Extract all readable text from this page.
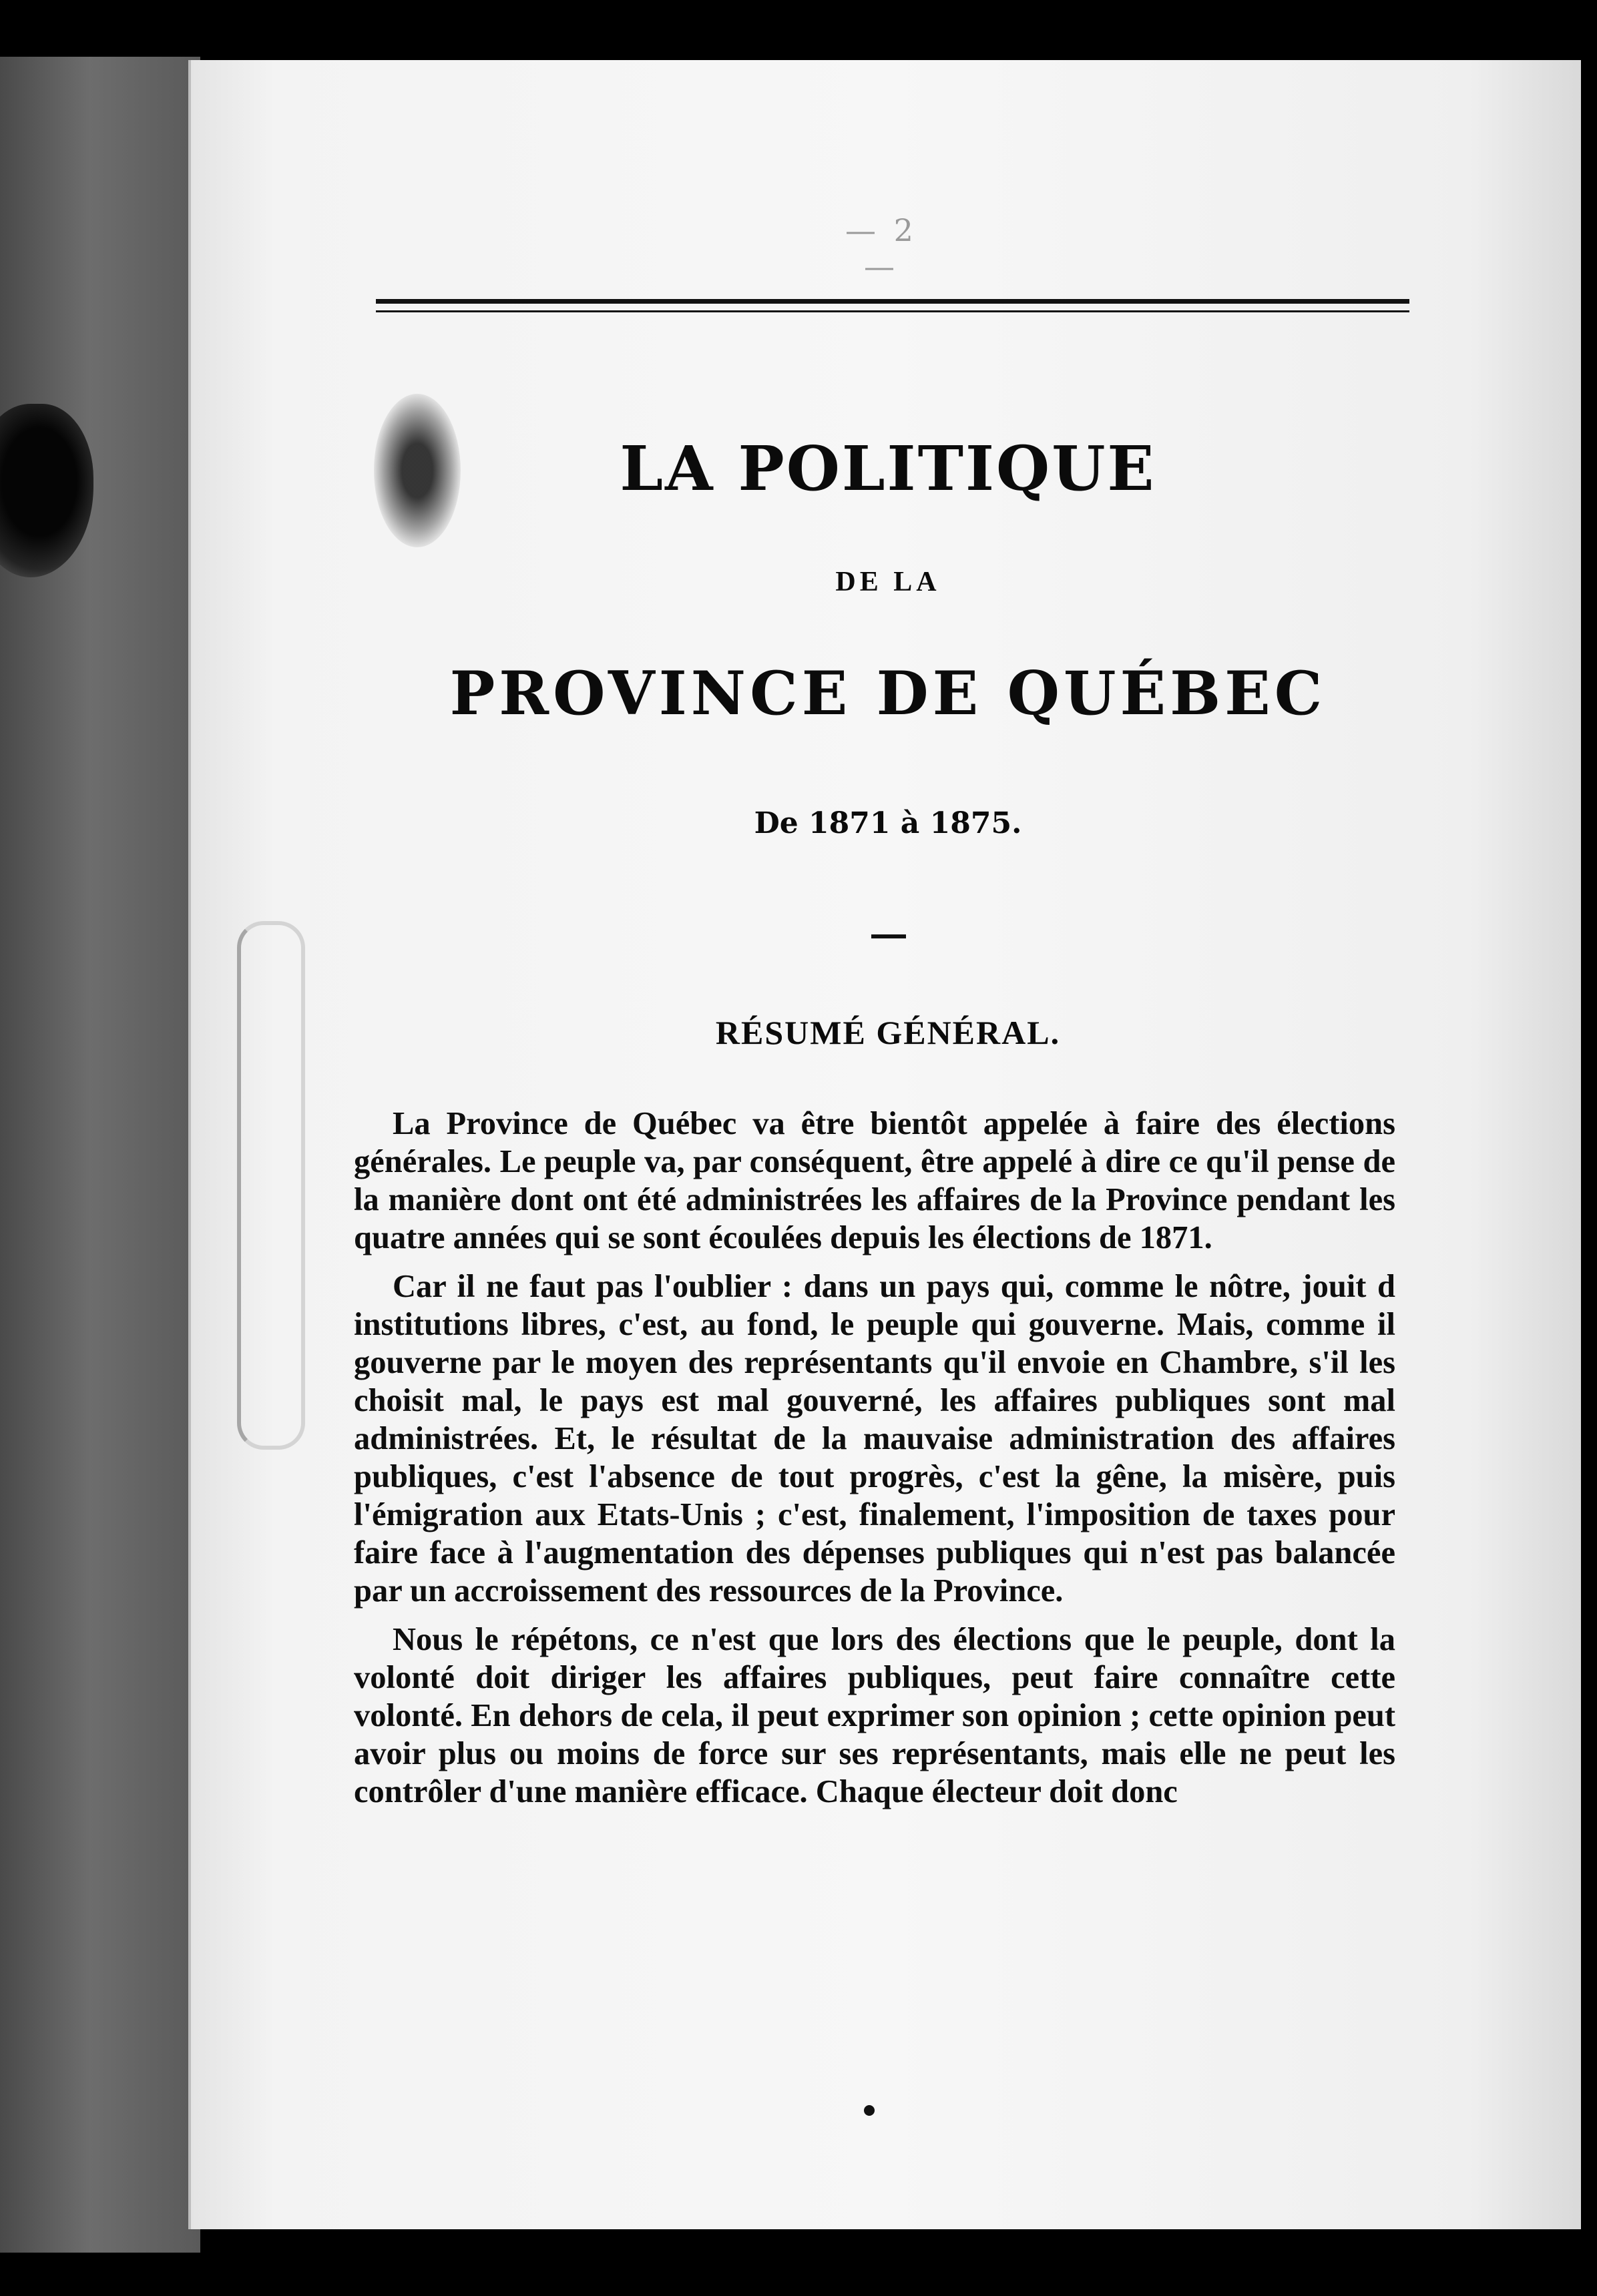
— 2 —
LA POLITIQUE
DE LA
PROVINCE DE QUÉBEC
De 1871 à 1875.
RÉSUMÉ GÉNÉRAL.

La Province de Québec va être bientôt appelée à faire des élections générales. Le peuple va, par conséquent, être appelé à dire ce qu'il pense de la manière dont ont été administrées les affaires de la Province pendant les quatre années qui se sont écoulées depuis les élections de 1871.

Car il ne faut pas l'oublier : dans un pays qui, comme le nôtre, jouit d institutions libres, c'est, au fond, le peuple qui gouverne. Mais, comme il gouverne par le moyen des représentants qu'il envoie en Chambre, s'il les choisit mal, le pays est mal gouverné, les affaires publiques sont mal administrées. Et, le résultat de la mauvaise administration des affaires publiques, c'est l'absence de tout progrès, c'est la gêne, la misère, puis l'émigration aux Etats-Unis ; c'est, finalement, l'imposition de taxes pour faire face à l'augmentation des dépenses publiques qui n'est pas balancée par un accroissement des ressources de la Province.

Nous le répétons, ce n'est que lors des élections que le peuple, dont la volonté doit diriger les affaires publiques, peut faire connaître cette volonté. En dehors de cela, il peut exprimer son opinion ; cette opinion peut avoir plus ou moins de force sur ses représentants, mais elle ne peut les contrôler d'une manière efficace. Chaque électeur doit donc
